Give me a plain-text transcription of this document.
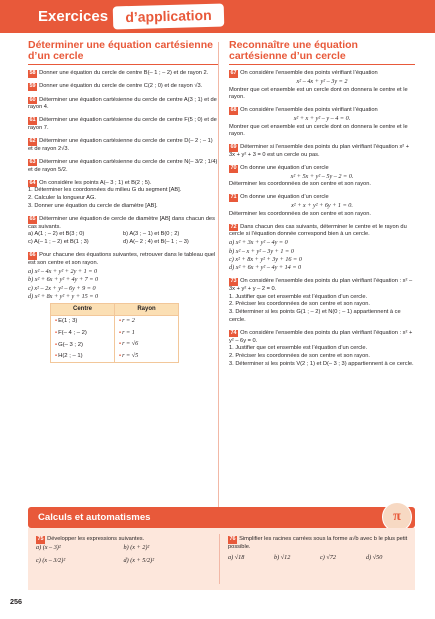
Exercices	d’application
Déterminer une équation cartésienne d’un cercle
58 Donner une équation du cercle de centre B(– 1 ; – 2) et de rayon 2.
59 Donner une équation du cercle de centre C(2 ; 0) et de rayon √3.
60 Déterminer une équation cartésienne du cercle de centre A(3 ; 1) et de rayon 4.
61 Déterminer une équation cartésienne du cercle de centre F(5 ; 0) et de rayon 7.
62 Déterminer une équation cartésienne du cercle de centre D(– 2 ; – 1) et de rayon 2√3.
63 Déterminer une équation cartésienne du cercle de centre N(– 3/2 ; 1/4) et de rayon 5/2.
64 On considère les points A(– 3 ; 1) et B(2 ; 5).
1. Déterminer les coordonnées du milieu G du segment [AB].
2. Calculer la longueur AG.
3. Donner une équation du cercle de diamètre [AB].
65 Déterminer une équation de cercle de diamètre [AB] dans chacun des cas suivants.
a) A(1 ; – 2) et B(3 ; 0)	b) A(3 ; – 1) et B(0 ; 2)
c) A(– 1 ; – 2) et B(1 ; 3)	d) A(– 2 ; 4) et B(– 1 ; – 3)
66 Pour chacune des équations suivantes, retrouver dans le tableau quel est son centre et son rayon.
a) x² – 4x + y² + 2y + 1 = 0
b) x² + 6x + y² + 4y + 7 = 0
c) x² – 2x + y² – 6y + 9 = 0
d) x² + 8x + y² + y + 15 = 0
Centre	Rayon
•E(1 ; 3)	•r = 2
•F(– 4 ; – 2)	•r = 1
•G(– 3 ; 2)	•r = √6
•H(2 ; – 1)	•r = √5
Reconnaître une équation cartésienne d’un cercle
67 On considère l’ensemble des points vérifiant l’équation
x² – 4x + y² – 3y = 2
Montrer que cet ensemble est un cercle dont on donnera le centre et le rayon.
68 On considère l’ensemble des points vérifiant l’équation
x² + x + y² – y – 4 = 0.
Montrer que cet ensemble est un cercle dont on donnera le centre et le rayon.
69 Déterminer si l’ensemble des points du plan vérifiant l’équation x² + 3x + y² + 3 = 0 est un cercle ou pas.
70 On donne une équation d’un cercle
x² + 5x + y² – 5y – 2 = 0.
Déterminer les coordonnées de son centre et son rayon.
71 On donne une équation d’un cercle
x² + x + y² + 6y + 1 = 0.
Déterminer les coordonnées de son centre et son rayon.
72 Dans chacun des cas suivants, déterminer le centre et le rayon du cercle si l’équation donnée correspond bien à un cercle.
a) x² + 3x + y² – 4y = 0
b) x² – x + y² – 3y + 1 = 0
c) x² + 8x + y² + 3y + 16 = 0
d) x² + 6x + y² – 4y + 14 = 0
73 On considère l’ensemble des points du plan vérifiant l’équation : x² – 3x + y² + y – 2 = 0.
1. Justifier que cet ensemble est l’équation d’un cercle.
2. Préciser les coordonnées de son centre et son rayon.
3. Déterminer si les points G(1 ; – 2) et N(0 ; – 1) appartiennent à ce cercle.
74 On considère l’ensemble des points du plan vérifiant l’équation : x² + y² – 6y = 0.
1. Justifier que cet ensemble est l’équation d’un cercle.
2. Préciser les coordonnées de son centre et son rayon.
3. Déterminer si les points V(2 ; 1) et D(– 3 ; 3) appartiennent à ce cercle.
Calculs et automatismes	π
75 Développer les expressions suivantes.
a) (x – 3)²	b) (x + 2)²
c) (x – 3/2)²	d) (x + 5/2)²
76 Simplifier les racines carrées sous la forme a√b avec b le plus petit possible.
a) √18	b) √12	c) √72	d) √50
256
